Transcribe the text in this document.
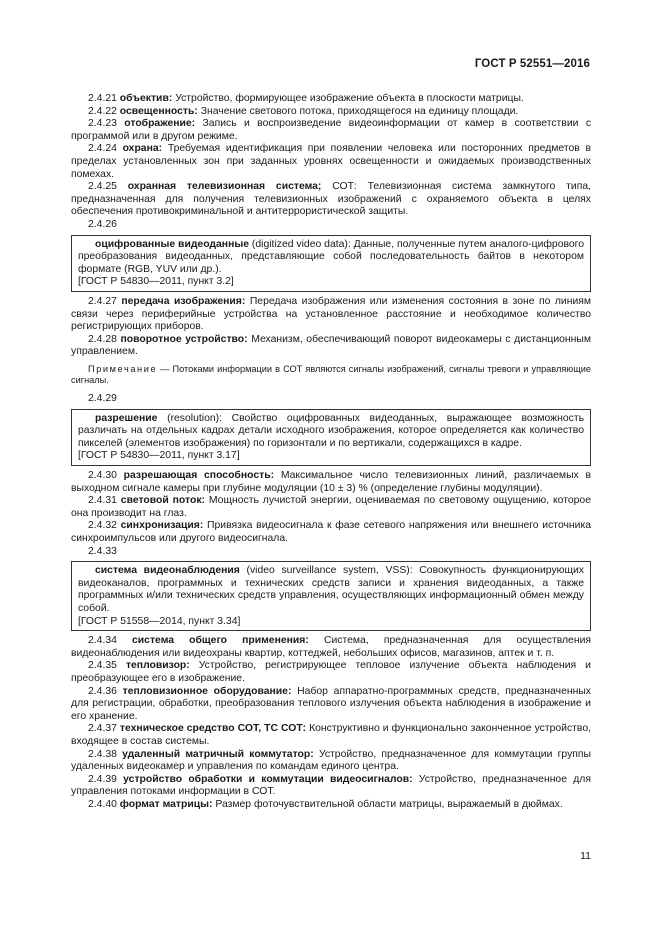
ГОСТ Р 52551—2016

2.4.21 объектив: Устройство, формирующее изображение объекта в плоскости матрицы.

2.4.22 освещенность: Значение светового потока, приходящегося на единицу площади.

2.4.23 отображение: Запись и воспроизведение видеоинформации от камер в соответствии с программой или в другом режиме.

2.4.24 охрана: Требуемая идентификация при появлении человека или посторонних предметов в пределах установленных зон при заданных уровнях освещенности и ожидаемых производственных помехах.

2.4.25 охранная телевизионная система; СОТ: Телевизионная система замкнутого типа, предназначенная для получения телевизионных изображений с охраняемого объекта в целях обеспечения противокриминальной и антитеррористической защиты.

2.4.26

оцифрованные видеоданные (digitized video data): Данные, полученные путем аналого-цифрового преобразования видеоданных, представляющие собой последовательность байтов в некотором формате (RGB, YUV или др.).

[ГОСТ Р 54830—2011, пункт 3.2]

2.4.27 передача изображения: Передача изображения или изменения состояния в зоне по линиям связи через периферийные устройства на установленное расстояние и необходимое количество регистрирующих приборов.

2.4.28 поворотное устройство: Механизм, обеспечивающий поворот видеокамеры с дистанционным управлением.

Примечание — Потоками информации в СОТ являются сигналы изображений, сигналы тревоги и управляющие сигналы.

2.4.29

разрешение (resolution): Свойство оцифрованных видеоданных, выражающее возможность различать на отдельных кадрах детали исходного изображения, которое определяется как количество пикселей (элементов изображения) по горизонтали и по вертикали, содержащихся в кадре.

[ГОСТ Р 54830—2011, пункт 3.17]

2.4.30 разрешающая способность: Максимальное число телевизионных линий, различаемых в выходном сигнале камеры при глубине модуляции (10 ± 3) % (определение глубины модуляции).

2.4.31 световой поток: Мощность лучистой энергии, оцениваемая по световому ощущению, которое она производит на глаз.

2.4.32 синхронизация: Привязка видеосигнала к фазе сетевого напряжения или внешнего источника синхроимпульсов или другого видеосигнала.

2.4.33

система видеонаблюдения (video surveillance system, VSS): Совокупность функционирующих видеоканалов, программных и технических средств записи и хранения видеоданных, а также программных и/или технических средств управления, осуществляющих информационный обмен между собой.

[ГОСТ Р 51558—2014, пункт 3.34]

2.4.34 система общего применения: Система, предназначенная для осуществления видеонаблюдения или видеохраны квартир, коттеджей, небольших офисов, магазинов, аптек и т. п.

2.4.35 тепловизор: Устройство, регистрирующее тепловое излучение объекта наблюдения и преобразующее его в изображение.

2.4.36 тепловизионное оборудование: Набор аппаратно-программных средств, предназначенных для регистрации, обработки, преобразования теплового излучения объекта наблюдения в изображение и его хранение.

2.4.37 техническое средство СОТ, ТС СОТ: Конструктивно и функционально законченное устройство, входящее в состав системы.

2.4.38 удаленный матричный коммутатор: Устройство, предназначенное для коммутации группы удаленных видеокамер и управления по командам единого центра.

2.4.39 устройство обработки и коммутации видеосигналов: Устройство, предназначенное для управления потоками информации в СОТ.

2.4.40 формат матрицы: Размер фоточувствительной области матрицы, выражаемый в дюймах.

11
